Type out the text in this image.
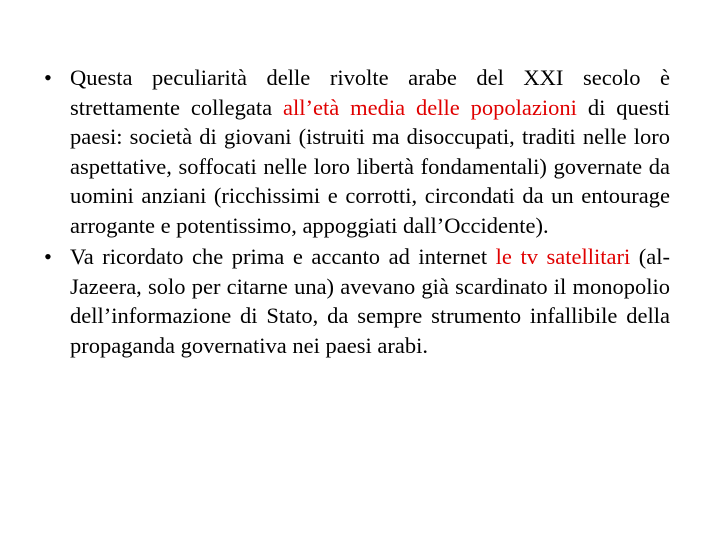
• Questa peculiarità delle rivolte arabe del XXI secolo è strettamente collegata all’età media delle popolazioni di questi paesi: società di giovani (istruiti ma disoccupati, traditi nelle loro aspettative, soffocati nelle loro libertà fondamentali) governate da uomini anziani (ricchissimi e corrotti, circondati da un entourage arrogante e potentissimo, appoggiati dall’Occidente).
• Va ricordato che prima e accanto ad internet le tv satellitari (al-Jazeera, solo per citarne una) avevano già scardinato il monopolio dell’informazione di Stato, da sempre strumento infallibile della propaganda governativa nei paesi arabi.
